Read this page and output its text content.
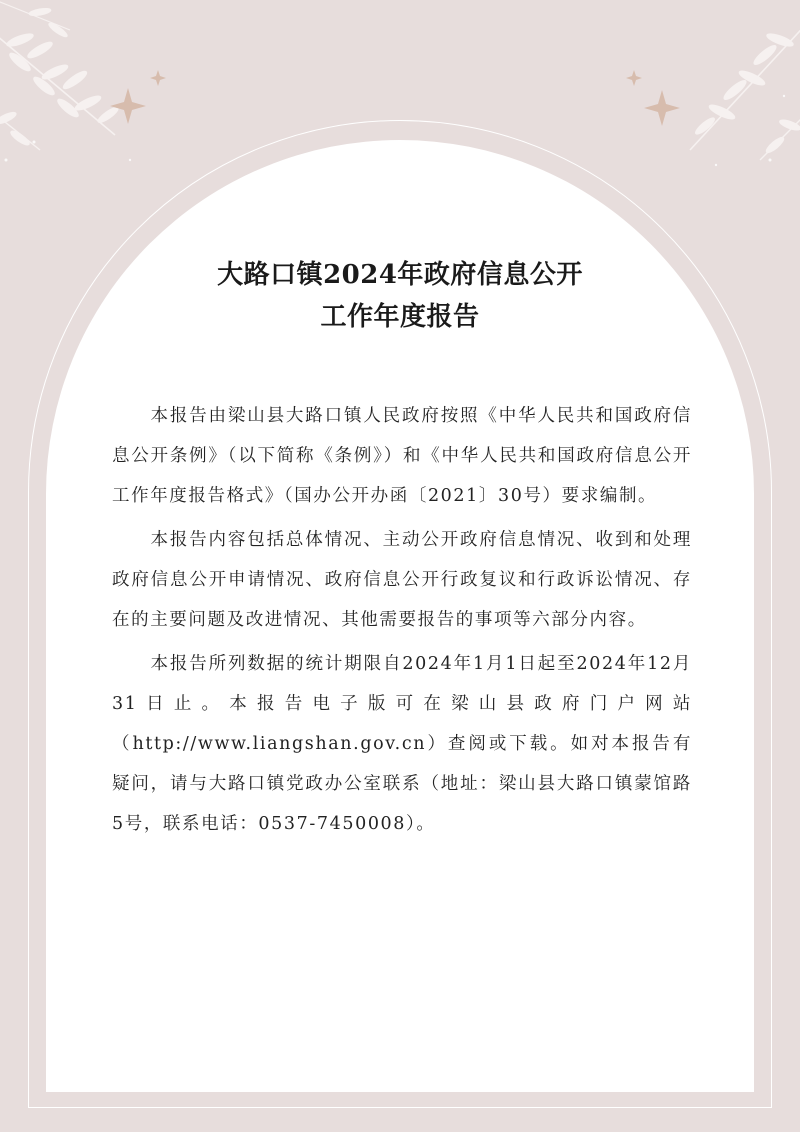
大路口镇2024年政府信息公开
工作年度报告

本报告由梁山县大路口镇人民政府按照《中华人民共和国政府信息公开条例》（以下简称《条例》）和《中华人民共和国政府信息公开工作年度报告格式》（国办公开办函〔2021〕30号）要求编制。

本报告内容包括总体情况、主动公开政府信息情况、收到和处理政府信息公开申请情况、政府信息公开行政复议和行政诉讼情况、存在的主要问题及改进情况、其他需要报告的事项等六部分内容。

本报告所列数据的统计期限自2024年1月1日起至2024年12月31日止。本报告电子版可在梁山县政府门户网站（http://www.liangshan.gov.cn）查阅或下载。如对本报告有疑问，请与大路口镇党政办公室联系（地址：梁山县大路口镇蒙馆路5号，联系电话：0537-7450008）。
